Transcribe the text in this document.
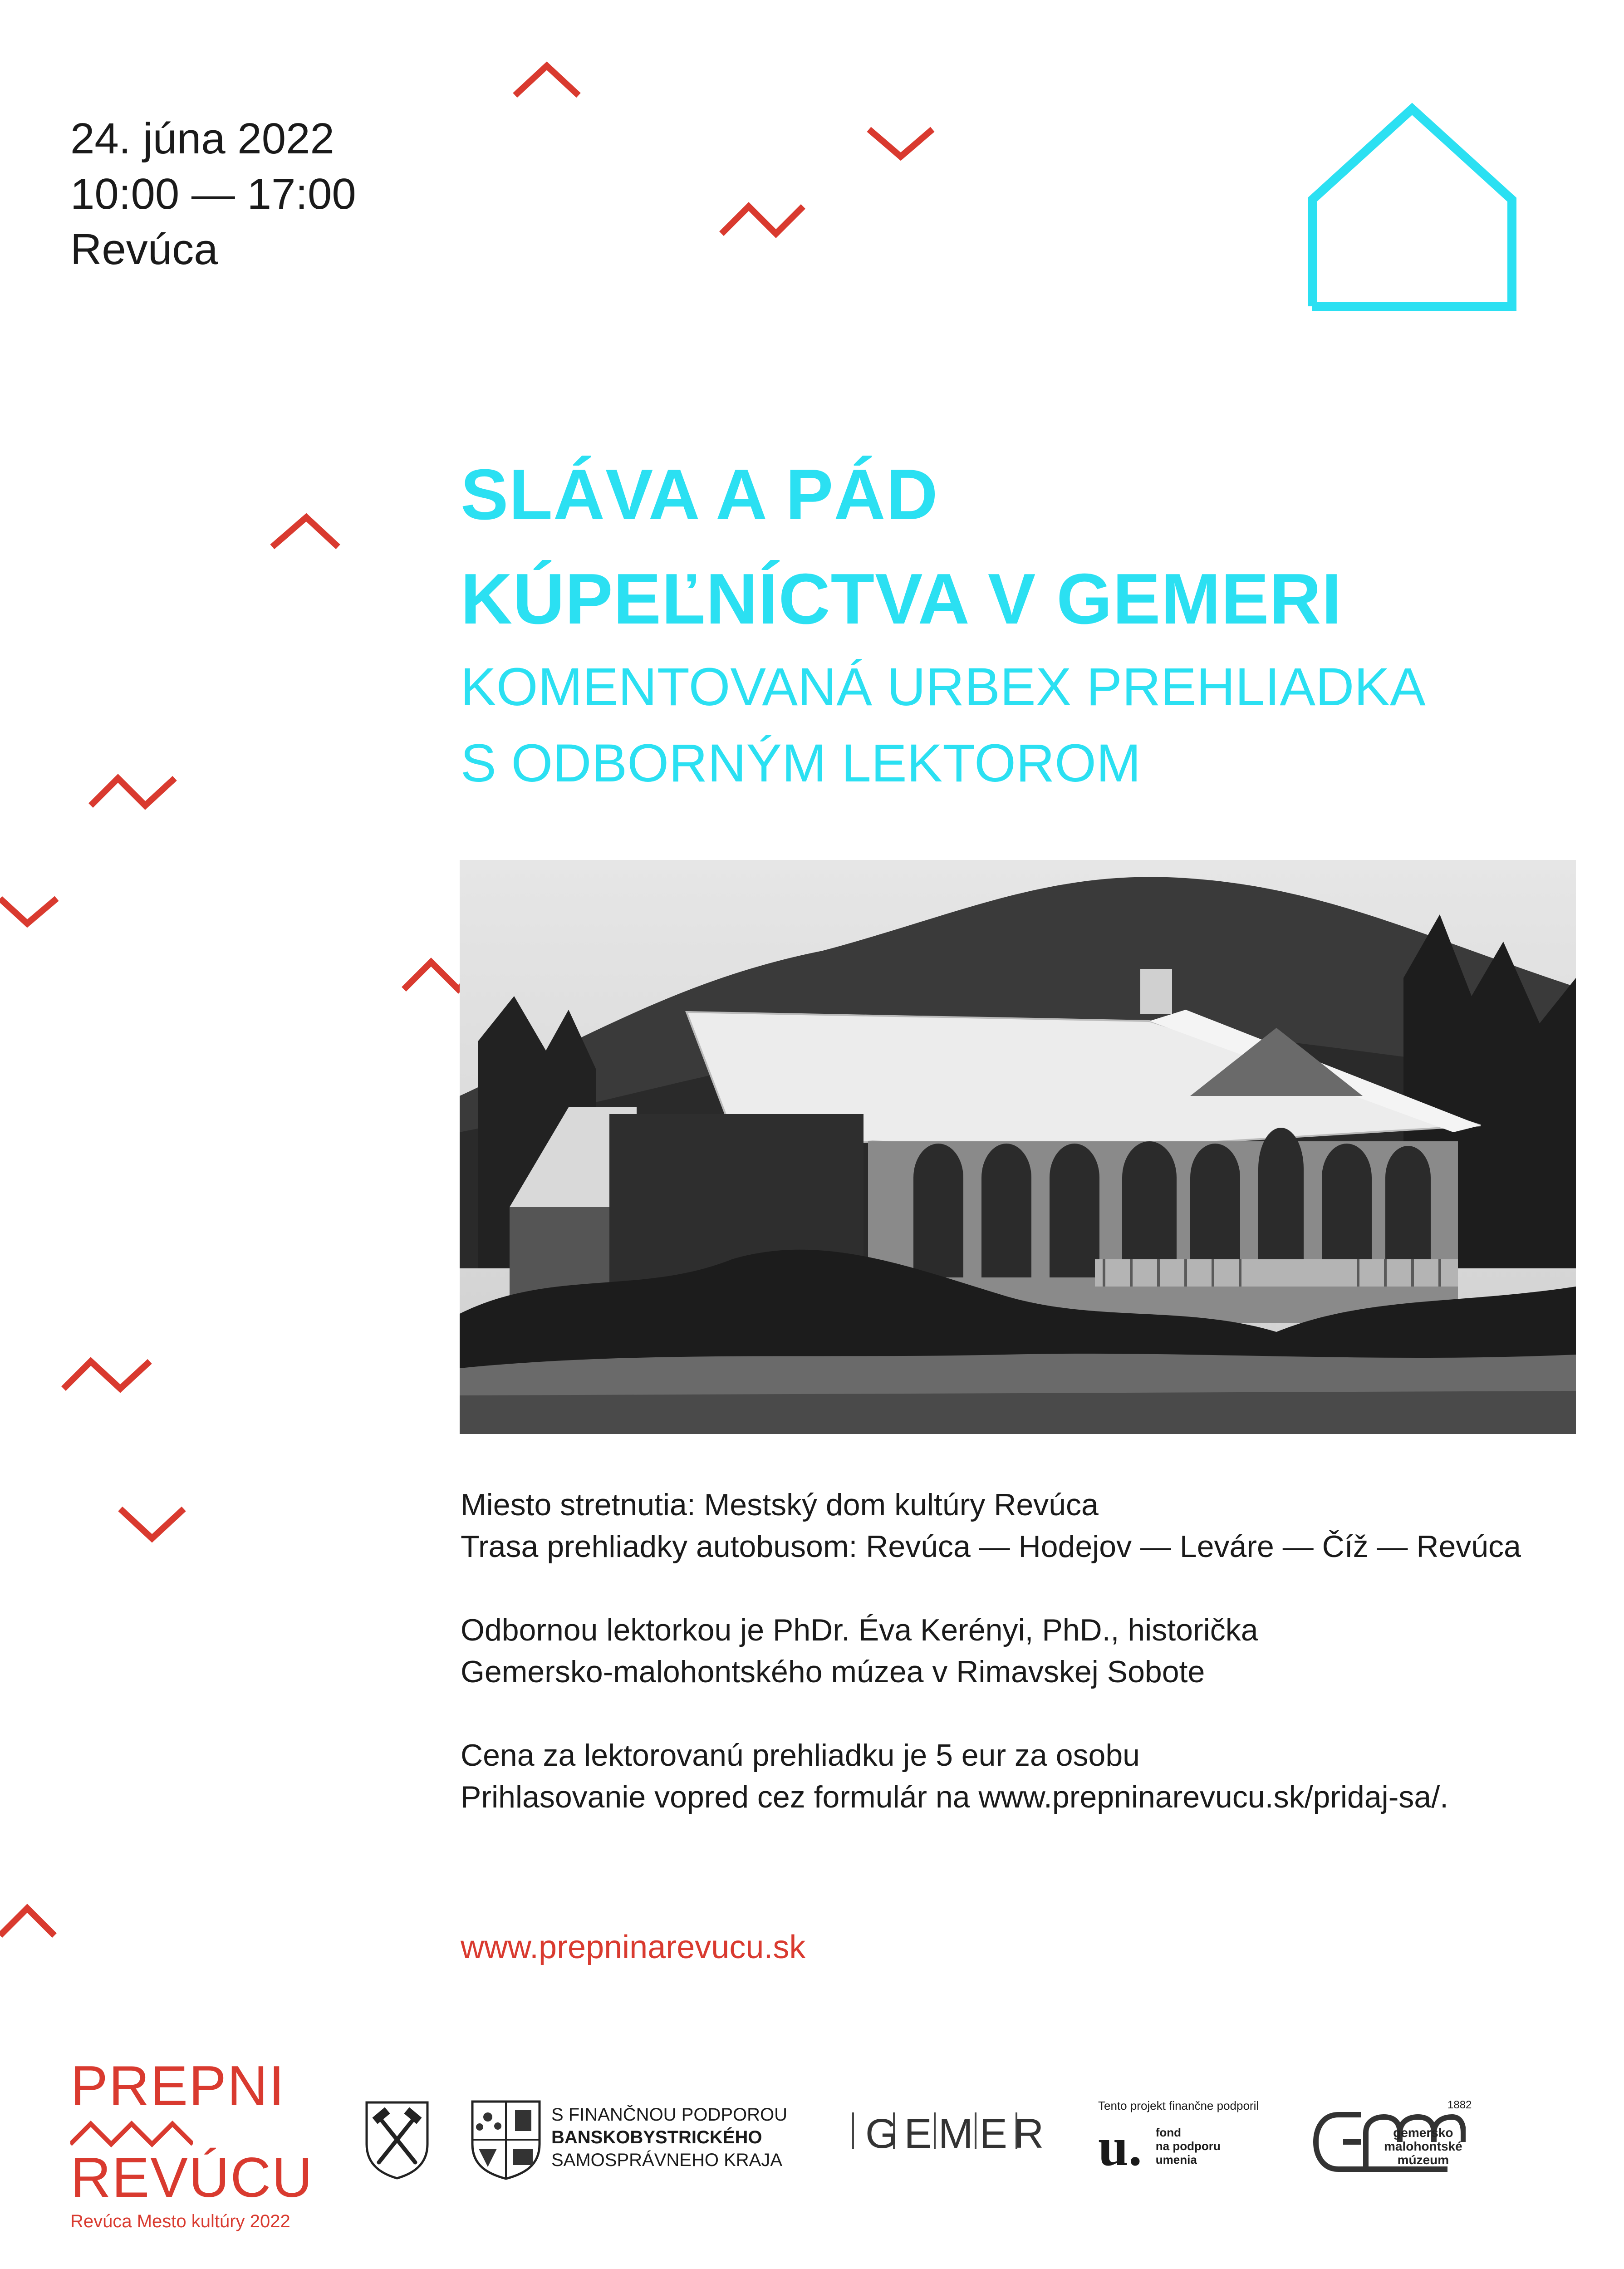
24. júna 2022
10:00 — 17:00
Revúca
SLÁVA A PÁD
KÚPEĽNÍCTVA V GEMERI
KOMENTOVANÁ URBEX PREHLIADKA
S ODBORNÝM LEKTOROM
Miesto stretnutia: Mestský dom kultúry Revúca
Trasa prehliadky autobusom: Revúca — Hodejov — Leváre — Číž — Revúca
Odbornou lektorkou je PhDr. Éva Kerényi, PhD., historička
Gemersko-malohontského múzea v Rimavskej Sobote
Cena za lektorovanú prehliadku je 5 eur za osobu
Prihlasovanie vopred cez formulár na www.prepninarevucu.sk/pridaj-sa/.
www.prepninarevucu.sk
PREPNI
REVÚCU
Revúca Mesto kultúry 2022
S FINANČNOU PODPOROU
BANSKOBYSTRICKÉHO
SAMOSPRÁVNEHO KRAJA
GEMER
Tento projekt finančne podporil
u. fond
na podporu
umenia
1882
gemersko
malohontské
múzeum
